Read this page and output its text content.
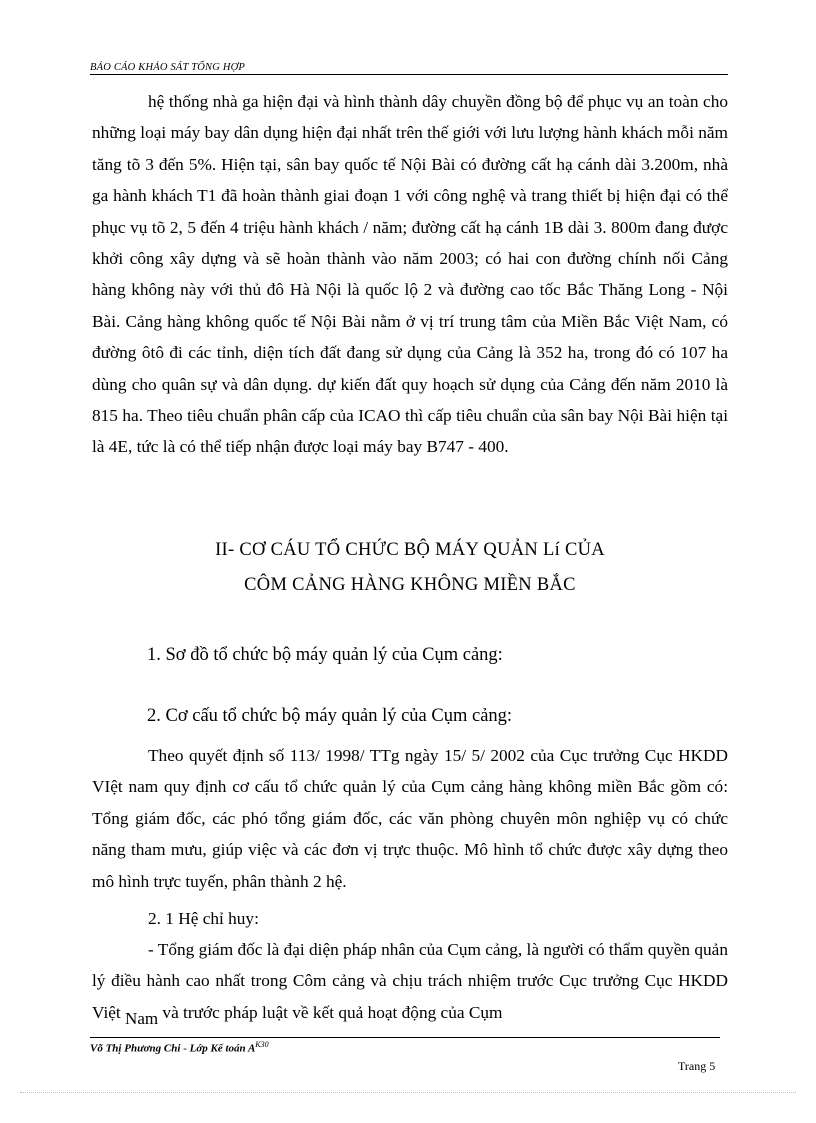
BẢO CÁO KHẢO SÁT TỔNG HỢP

hệ thống nhà ga hiện đại và hình thành dây chuyền đồng bộ để phục vụ an toàn cho những loại máy bay dân dụng hiện đại nhất trên thế giới với lưu lượng hành khách mỗi năm tăng tõ 3 đến 5%. Hiện tại, sân bay quốc tế Nội Bài có đường cất hạ cánh dài 3.200m, nhà ga hành khách T1 đã hoàn thành giai đoạn 1 với công nghệ và trang thiết bị hiện đại có thể phục vụ tõ 2, 5 đến 4 triệu hành khách / năm; đường cất hạ cánh 1B dài 3. 800m đang được khởi công xây dựng và sẽ hoàn thành vào năm 2003; có hai con đường chính nối Cảng hàng không này với thủ đô Hà Nội là quốc lộ 2 và đường cao tốc Bắc Thăng Long - Nội Bài. Cảng hàng không quốc tế Nội Bài nằm ở vị trí trung tâm của Miền Bắc Việt Nam, có đường ôtô đi các tỉnh, diện tích đất đang sử dụng của Cảng là 352 ha, trong đó có 107 ha dùng cho quân sự và dân dụng. dự kiến đất quy hoạch sử dụng của Cảng đến năm 2010 là 815 ha. Theo tiêu chuẩn phân cấp của ICAO thì cấp tiêu chuẩn của sân bay Nội Bài hiện tại là 4E, tức là có thể tiếp nhận được loại máy bay B747 - 400.

II- CƠ CÁU TỔ CHỨC BỘ MÁY QUẢN Lí CỦA
CÔM CẢNG HÀNG KHÔNG MIỀN BẮC
1. Sơ đồ tổ chức bộ máy quản lý của Cụm cảng:
2. Cơ cấu tổ chức bộ máy quản lý của Cụm cảng:

Theo quyết định số 113/ 1998/ TTg ngày 15/ 5/ 2002 của Cục trưởng Cục HKDD VIệt nam quy định cơ cấu tổ chức quản lý của Cụm cảng hàng không miền Bắc gồm có: Tổng giám đốc, các phó tổng giám đốc, các văn phòng chuyên môn nghiệp vụ có chức năng tham mưu, giúp việc và các đơn vị trực thuộc. Mô hình tổ chức được xây dựng theo mô hình trực tuyến, phân thành 2 hệ.

2. 1 Hệ chỉ huy:

- Tổng giám đốc là đại diện pháp nhân của Cụm cảng, là người có thẩm quyền quản lý điều hành cao nhất trong Côm cảng và chịu trách nhiệm trước Cục trưởng Cục HKDD Việt Nam và trước pháp luật về kết quả hoạt động của Cụm

Võ Thị Phương Chi - Lớp Kế toán $A^{K30}$
Trang 5
